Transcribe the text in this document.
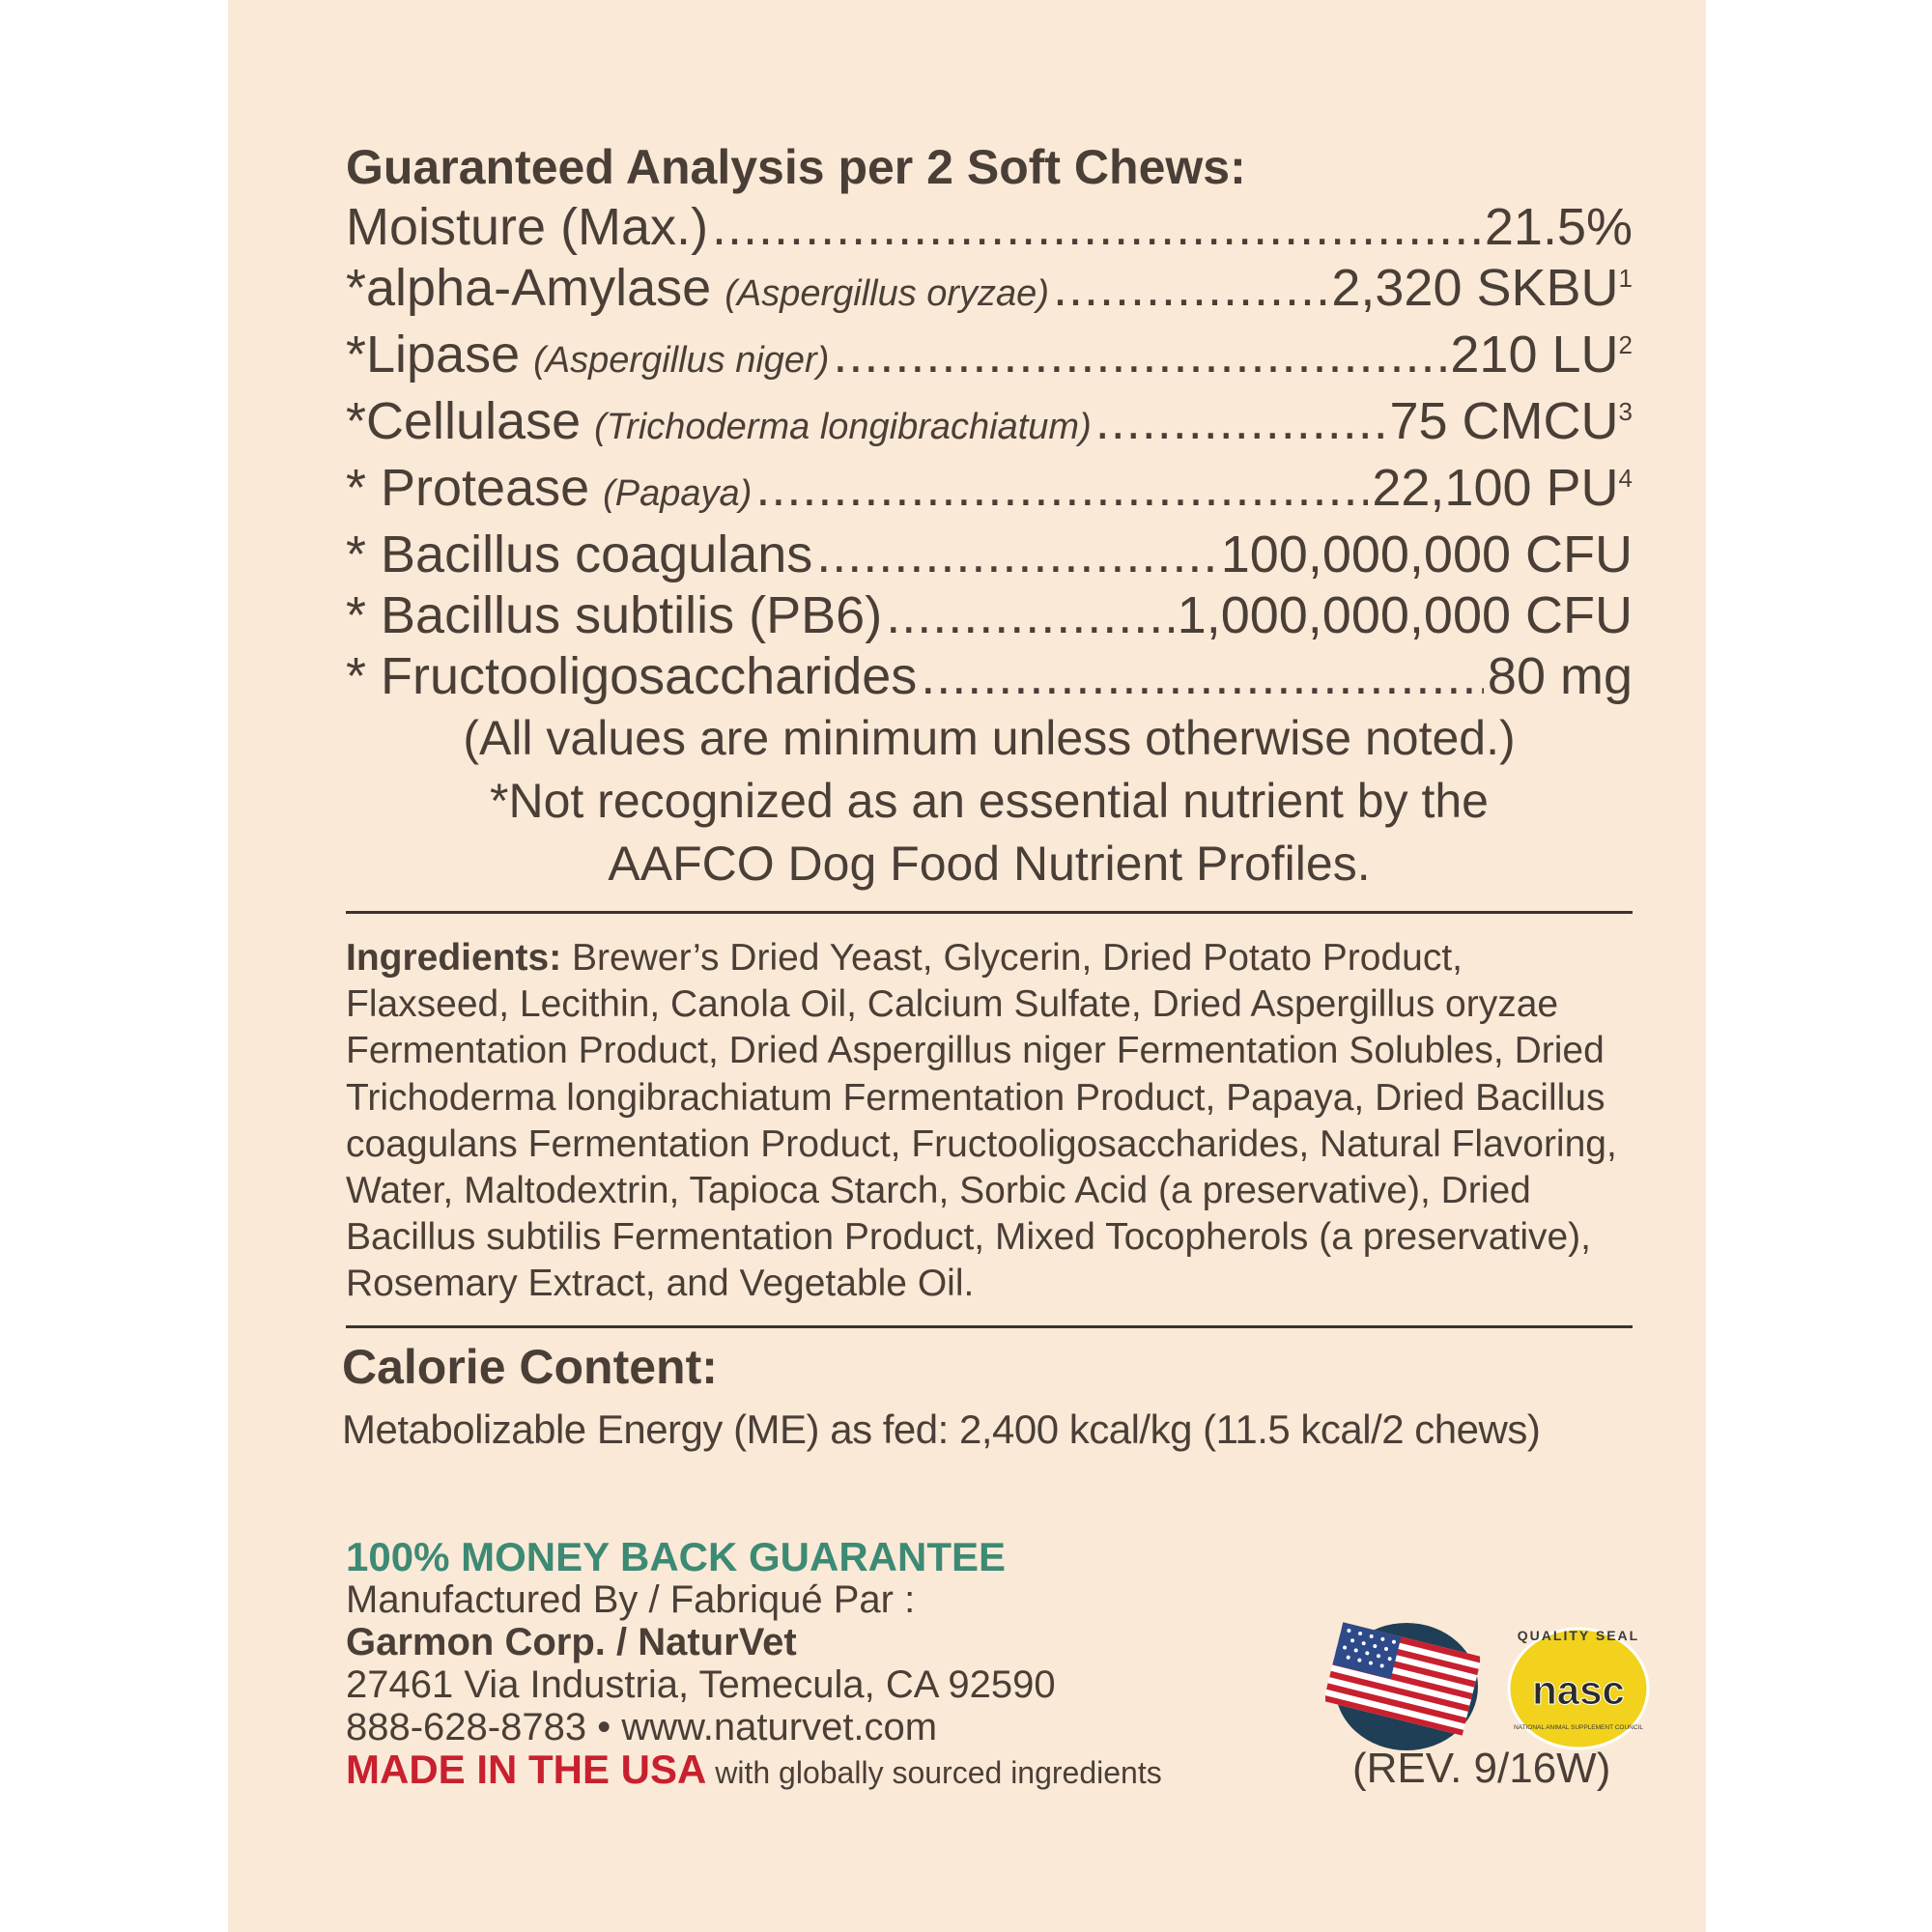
Guaranteed Analysis per 2 Soft Chews:
Moisture (Max.) .....	21.5%
*alpha-Amylase (Aspergillus oryzae) .....	2,320 SKBU$^1$
*Lipase (Aspergillus niger) .....	210 $LU^2$
*Cellulase (Trichoderma longibrachiatum) .....	75 CMCU$^3$
* Protease (Papaya) .....	22,100 $PU^4$
* Bacillus coagulans .....	100,000,000 CFU
* Bacillus subtilis (PB6) .....	1,000,000,000 CFU
* Fructooligosaccharides .....	80 mg
(All values are minimum unless otherwise noted.)
*Not recognized as an essential nutrient by the
AAFCO Dog Food Nutrient Profiles.

Ingredients: Brewer’s Dried Yeast, Glycerin, Dried Potato Product, Flaxseed, Lecithin, Canola Oil, Calcium Sulfate, Dried Aspergillus oryzae Fermentation Product, Dried Aspergillus niger Fermentation Solubles, Dried Trichoderma longibrachiatum Fermentation Product, Papaya, Dried Bacillus coagulans Fermentation Product, Fructooligosaccharides, Natural Flavoring, Water, Maltodextrin, Tapioca Starch, Sorbic Acid (a preservative), Dried Bacillus subtilis Fermentation Product, Mixed Tocopherols (a preservative), Rosemary Extract, and Vegetable Oil.

Calorie Content:
Metabolizable Energy (ME) as fed: 2,400 kcal/kg (11.5 kcal/2 chews)
100% MONEY BACK GUARANTEE
Manufactured By / Fabriqué Par :
Garmon Corp. / NaturVet
27461 Via Industria, Temecula, CA 92590
888-628-8783 • www.naturvet.com
MADE IN THE USA with globally sourced ingredients
QUALITY SEAL
nasc
NATIONAL ANIMAL SUPPLEMENT COUNCIL
(REV. 9/16W)
